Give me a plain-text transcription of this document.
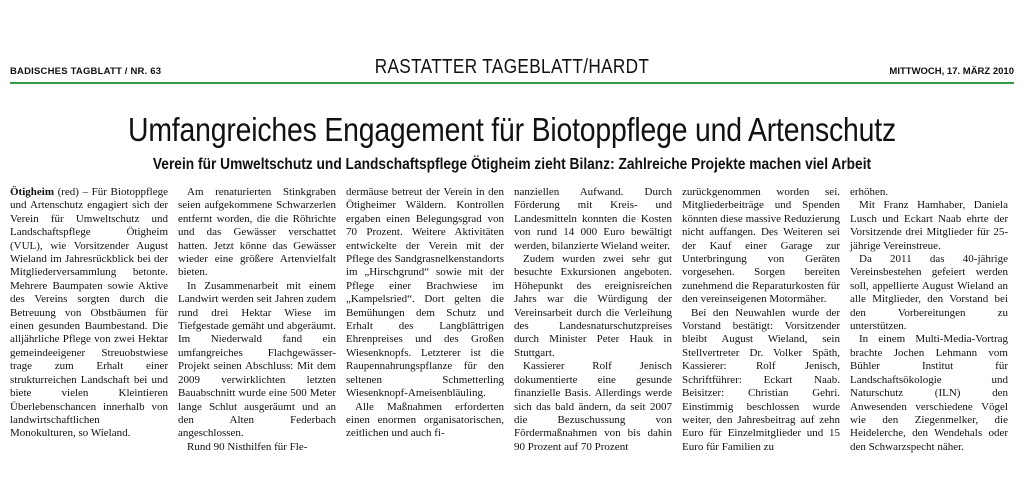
BADISCHES TAGBLATT / NR. 63	RASTATTER TAGEBLATT/HARDT	MITTWOCH, 17. MÄRZ 2010
Umfangreiches Engagement für Biotoppflege und Artenschutz
Verein für Umweltschutz und Landschaftspflege Ötigheim zieht Bilanz: Zahlreiche Projekte machen viel Arbeit

Ötigheim (red) – Für Biotoppflege und Artenschutz engagiert sich der Verein für Umweltschutz und Landschaftspflege Ötigheim (VUL), wie Vorsitzender August Wieland im Jahresrückblick bei der Mitgliederversammlung betonte. Mehrere Baumpaten sowie Aktive des Vereins sorgten durch die Betreuung von Obstbäumen für einen gesunden Baumbestand. Die alljährliche Pflege von zwei Hektar gemeindeeigener Streuobstwiese trage zum Erhalt einer strukturreichen Landschaft bei und biete vielen Kleintieren Überlebenschancen innerhalb von landwirtschaftlichen Monokulturen, so Wieland.

Am renaturierten Stinkgraben seien aufgekommene Schwarzerlen entfernt worden, die die Röhrichte und das Gewässer verschattet hatten. Jetzt könne das Gewässer wieder eine größere Artenvielfalt bieten.

In Zusammenarbeit mit einem Landwirt werden seit Jahren zudem rund drei Hektar Wiese im Tiefgestade gemäht und abgeräumt. Im Niederwald fand ein umfangreiches Flachgewässer-Projekt seinen Abschluss: Mit dem 2009 verwirklichten letzten Bauabschnitt wurde eine 500 Meter lange Schlut ausgeräumt und an den Alten Federbach angeschlossen.

Rund 90 Nisthilfen für Fle-

dermäuse betreut der Verein in den Ötigheimer Wäldern. Kontrollen ergaben einen Belegungsgrad von 70 Prozent. Weitere Aktivitäten entwickelte der Verein mit der Pflege des Sandgrasnelkenstandorts im „Hirschgrund“ sowie mit der Pflege einer Brachwiese im „Kampelsried“. Dort gelten die Bemühungen dem Schutz und Erhalt des Langblättrigen Ehrenpreises und des Großen Wiesenknopfs. Letzterer ist die Raupennahrungspflanze für den seltenen Schmetterling Wiesenknopf-Ameisenbläuling.

Alle Maßnahmen erforderten einen enormen organisatorischen, zeitlichen und auch fi-

nanziellen Aufwand. Durch Förderung mit Kreis- und Landesmitteln konnten die Kosten von rund 14 000 Euro bewältigt werden, bilanzierte Wieland weiter.

Zudem wurden zwei sehr gut besuchte Exkursionen angeboten. Höhepunkt des ereignisreichen Jahrs war die Würdigung der Vereinsarbeit durch die Verleihung des Landesnaturschutzpreises durch Minister Peter Hauk in Stuttgart.

Kassierer Rolf Jenisch dokumentierte eine gesunde finanzielle Basis. Allerdings werde sich das bald ändern, da seit 2007 die Bezuschussung von Fördermaßnahmen von bis dahin 90 Prozent auf 70 Prozent

zurückgenommen worden sei. Mitgliederbeiträge und Spenden könnten diese massive Reduzierung nicht auffangen. Des Weiteren sei der Kauf einer Garage zur Unterbringung von Geräten vorgesehen. Sorgen bereiten zunehmend die Reparaturkosten für den vereinseigenen Motormäher.

Bei den Neuwahlen wurde der Vorstand bestätigt: Vorsitzender bleibt August Wieland, sein Stellvertreter Dr. Volker Späth, Kassierer: Rolf Jenisch, Schriftführer: Eckart Naab. Beisitzer: Christian Gehri. Einstimmig beschlossen wurde weiter, den Jahresbeitrag auf zehn Euro für Einzelmitglieder und 15 Euro für Familien zu

erhöhen.

Mit Franz Hamhaber, Daniela Lusch und Eckart Naab ehrte der Vorsitzende drei Mitglieder für 25-jährige Vereinstreue.

Da 2011 das 40-jährige Vereinsbestehen gefeiert werden soll, appellierte August Wieland an alle Mitglieder, den Vorstand bei den Vorbereitungen zu unterstützen.

In einem Multi-Media-Vortrag brachte Jochen Lehmann vom Bühler Institut für Landschaftsökologie und Naturschutz (ILN) den Anwesenden verschiedene Vögel wie den Ziegenmelker, die Heidelerche, den Wendehals oder den Schwarzspecht näher.
